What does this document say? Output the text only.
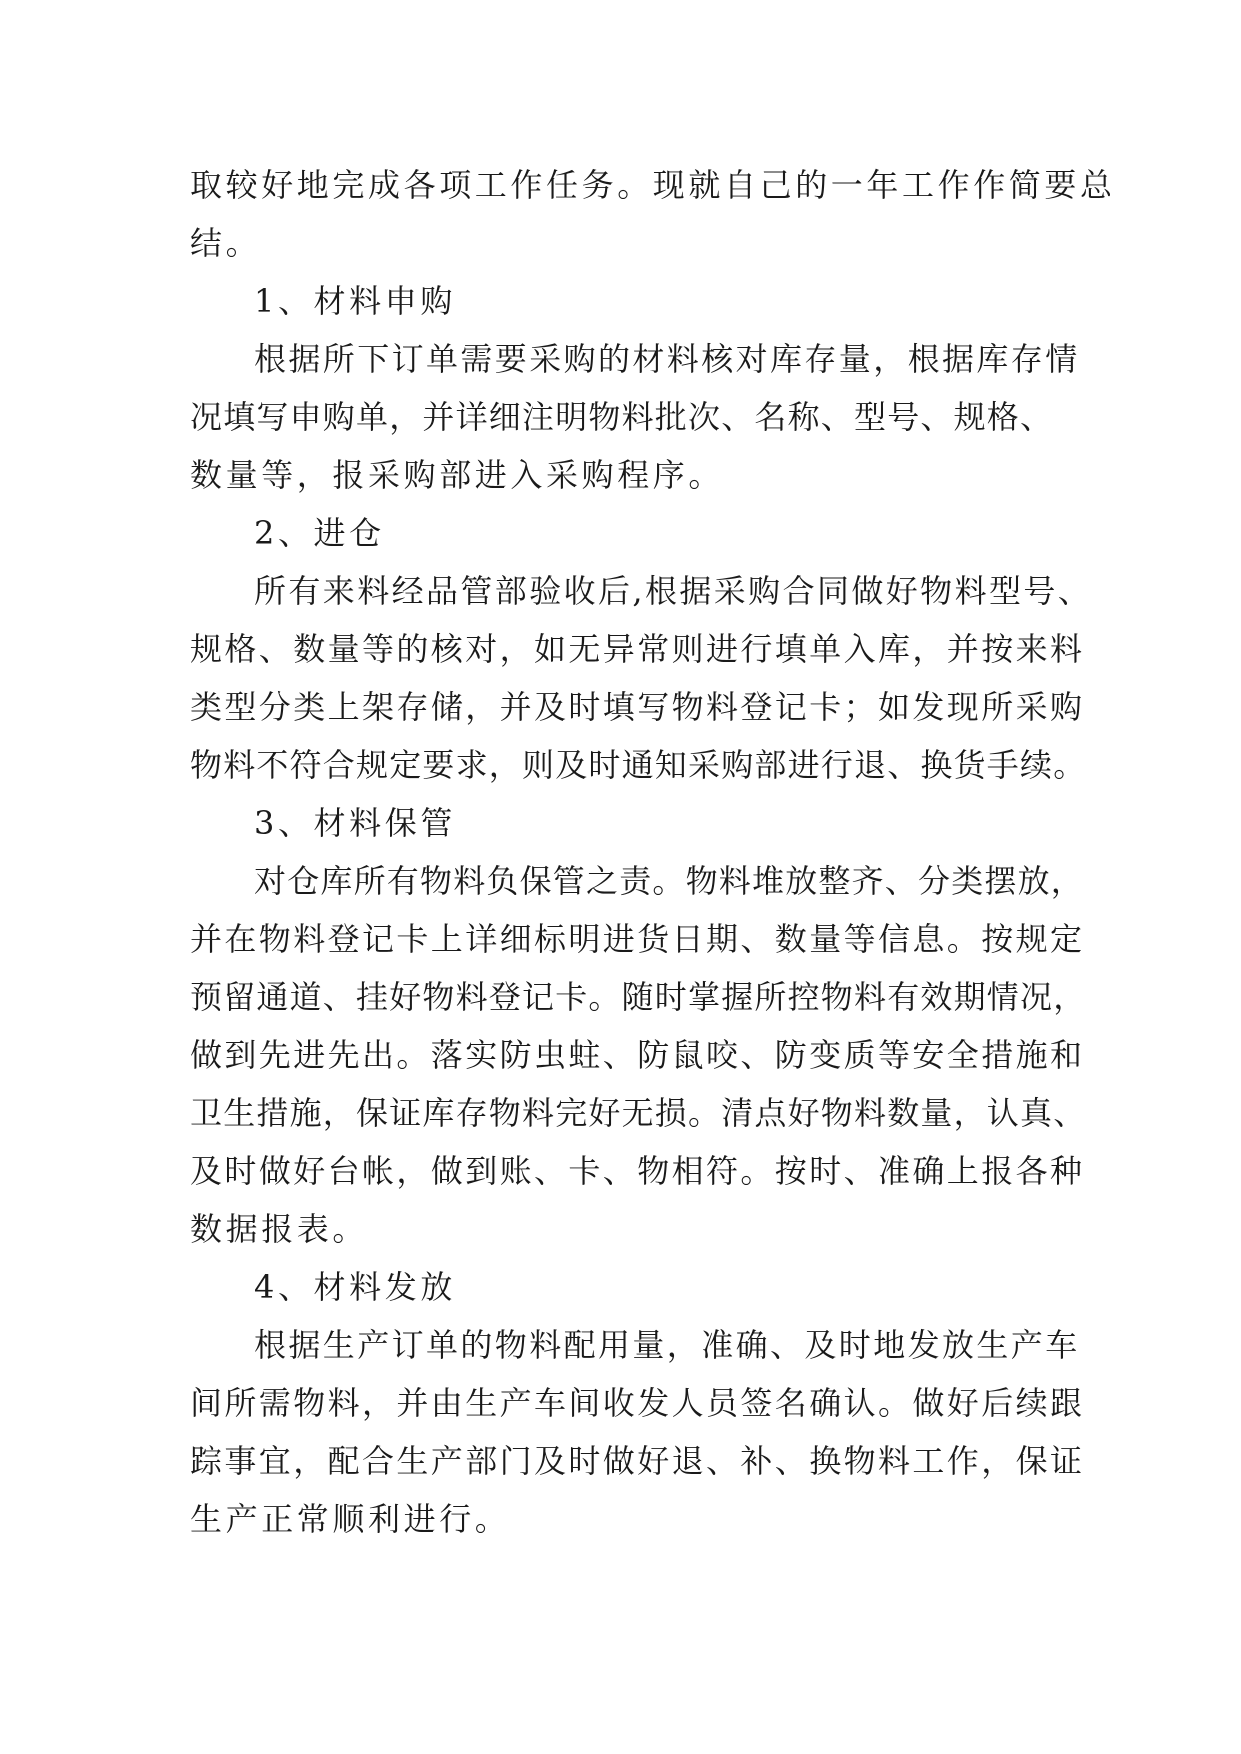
取较好地完成各项工作任务。现就自己的一年工作作简要总
结。
1、材料申购
根据所下订单需要采购的材料核对库存量，根据库存情
况填写申购单，并详细注明物料批次、名称、型号、规格、
数量等，报采购部进入采购程序。
2、进仓
所有来料经品管部验收后,根据采购合同做好物料型号、
规格、数量等的核对，如无异常则进行填单入库，并按来料
类型分类上架存储，并及时填写物料登记卡；如发现所采购
物料不符合规定要求，则及时通知采购部进行退、换货手续。
3、材料保管
对仓库所有物料负保管之责。物料堆放整齐、分类摆放，
并在物料登记卡上详细标明进货日期、数量等信息。按规定
预留通道、挂好物料登记卡。随时掌握所控物料有效期情况，
做到先进先出。落实防虫蛀、防鼠咬、防变质等安全措施和
卫生措施，保证库存物料完好无损。清点好物料数量，认真、
及时做好台帐，做到账、卡、物相符。按时、准确上报各种
数据报表。
4、材料发放
根据生产订单的物料配用量，准确、及时地发放生产车
间所需物料，并由生产车间收发人员签名确认。做好后续跟
踪事宜，配合生产部门及时做好退、补、换物料工作，保证
生产正常顺利进行。
